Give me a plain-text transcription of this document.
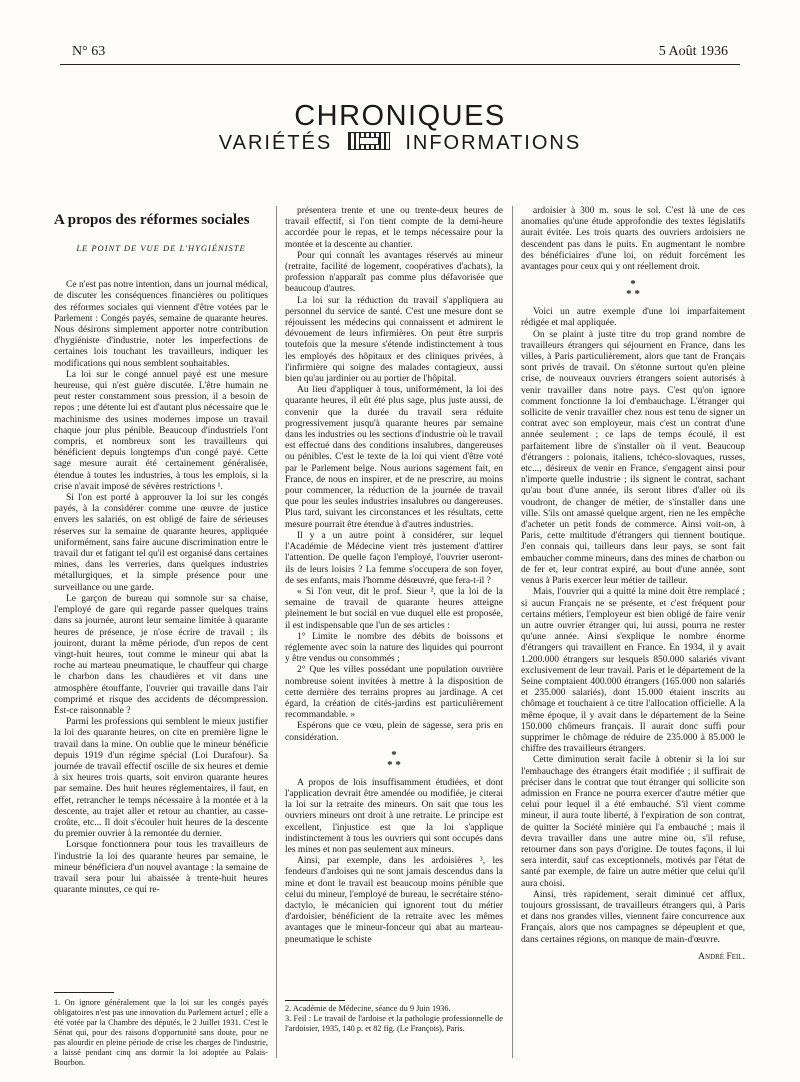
N° 63	5 Août 1936
CHRONIQUES
VARIÉTÉS	INFORMATIONS
A propos des réformes sociales
LE POINT DE VUE DE L'HYGIÉNISTE

Ce n'est pas notre intention, dans un journal médical, de discuter les conséquences financières ou politiques des réformes sociales qui viennent d'être votées par le Parlement : Congés payés, semaine de quarante heures. Nous désirons simplement apporter notre contribution d'hygiéniste d'industrie, noter les imperfections de certaines lois touchant les travailleurs, indiquer les modifications qui nous semblent souhaitables.

La loi sur le congé annuel payé est une mesure heureuse, qui n'est guère discutée. L'être humain ne peut rester constamment sous pression, il a besoin de repos ; une détente lui est d'autant plus nécessaire que le machinisme des usines modernes impose un travail chaque jour plus pénible. Beaucoup d'industriels l'ont compris, et nombreux sont les travailleurs qui bénéficient depuis longtemps d'un congé payé. Cette sage mesure aurait été certainement généralisée, étendue à toutes les industries, à tous les emplois, si la crise n'avait imposé de sévères restrictions ¹.

Si l'on est porté à approuver la loi sur les congés payés, à la considérer comme une œuvre de justice envers les salariés, on est obligé de faire de sérieuses réserves sur la semaine de quarante heures, appliquée uniformément, sans faire aucune discrimination entre le travail dur et fatigant tel qu'il est organisé dans certaines mines, dans les verreries, dans quelques industries métallurgiques, et la simple présence pour une surveillance ou une garde.

Le garçon de bureau qui somnole sur sa chaise, l'employé de gare qui regarde passer quelques trains dans sa journée, auront leur semaine limitée à quarante heures de présence, je n'ose écrire de travail ; ils jouiront, durant la même période, d'un repos de cent vingt-huit heures, tout comme le mineur qui abat la roche au marteau pneumatique, le chauffeur qui charge le charbon dans les chaudières et vit dans une atmosphère étouffante, l'ouvrier qui travaille dans l'air comprimé et risque des accidents de décompression. Est-ce raisonnable ?

Parmi les professions qui semblent le mieux justifier la loi des quarante heures, on cite en première ligne le travail dans la mine. On oublie que le mineur bénéficie depuis 1919 d'un régime spécial (Loi Durafour). Sa journée de travail effectif oscille de six heures et demie à six heures trois quarts, soit environ quarante heures par semaine. Des huit heures réglementaires, il faut, en effet, retrancher le temps nécessaire à la montée et à la descente, au trajet aller et retour au chantier, au casse-croûte, etc... Il doit s'écouler huit heures de la descente du premier ouvrier à la remontée du dernier.

Lorsque fonctionnera pour tous les travailleurs de l'industrie la loi des quarante heures par semaine, le mineur bénéficiera d'un nouvel avantage : la semaine de travail sera pour lui abaissée à trente-huit heures quarante minutes, ce qui re-

1. On ignore généralement que la loi sur les congés payés obligatoires n'est pas une innovation du Parlement actuel ; elle a été votée par la Chambre des députés, le 2 Juillet 1931. C'est le Sénat qui, pour des raisons d'opportunité sans doute, pour ne pas alourdir en pleine période de crise les charges de l'industrie, a laissé pendant cinq ans dormir la loi adoptée au Palais-Bourbon.

présentera trente et une ou trente-deux heures de travail effectif, si l'on tient compte de la demi-heure accordée pour le repas, et le temps nécessaire pour la montée et la descente au chantier.

Pour qui connaît les avantages réservés au mineur (retraite, facilité de logement, coopératives d'achats), la profession n'apparaît pas comme plus défavorisée que beaucoup d'autres.

La loi sur la réduction du travail s'appliquera au personnel du service de santé. C'est une mesure dont se réjouissent les médecins qui connaissent et admirent le dévouement de leurs infirmières. On peut être surpris toutefois que la mesure s'étende indistinctement à tous les employés des hôpitaux et des cliniques privées, à l'infirmière qui soigne des malades contagieux, aussi bien qu'au jardinier ou au portier de l'hôpital.

Au lieu d'appliquer à tous, uniformément, la loi des quarante heures, il eût été plus sage, plus juste aussi, de convenir que la durée du travail sera réduite progressivement jusqu'à quarante heures par semaine dans les industries ou les sections d'industrie où le travail est effectué dans des conditions insalubres, dangereuses ou pénibles. C'est le texte de la loi qui vient d'être voté par le Parlement belge. Nous aurions sagement fait, en France, de nous en inspirer, et de ne prescrire, au moins pour commencer, la réduction de la journée de travail que pour les seules industries insalubres ou dangereuses. Plus tard, suivant les circonstances et les résultats, cette mesure pourrait être étendue à d'autres industries.

Il y a un autre point à considérer, sur lequel l'Académie de Médecine vient très justement d'attirer l'attention. De quelle façon l'employé, l'ouvrier useront-ils de leurs loisirs ? La femme s'occupera de son foyer, de ses enfants, mais l'homme désœuvré, que fera-t-il ?

« Si l'on veut, dit le prof. Sieur ², que la loi de la semaine de travail de quarante heures atteigne pleinement le but social en vue duquel elle est proposée, il est indispensable que l'un de ses articles :

1° Limite le nombre des débits de boissons et réglemente avec soin la nature des liquides qui pourront y être vendus ou consommés ;

2° Que les villes possédant une population ouvrière nombreuse soient invitées à mettre à la disposition de cette dernière des terrains propres au jardinage. A cet égard, la création de cités-jardins est particulièrement recommandable. »

Espérons que ce vœu, plein de sagesse, sera pris en considération.

*
* *

A propos de lois insuffisamment étudiées, et dont l'application devrait être amendée ou modifiée, je citerai la loi sur la retraite des mineurs. On sait que tous les ouvriers mineurs ont droit à une retraite. Le principe est excellent, l'injustice est que la loi s'applique indistinctement à tous les ouvriers qui sont occupés dans les mines et non pas seulement aux mineurs.

Ainsi, par exemple, dans les ardoisières ³, les fendeurs d'ardoises qui ne sont jamais descendus dans la mine et dont le travail est beaucoup moins pénible que celui du mineur, l'employé de bureau, le secrétaire sténo-dactylo, le mécanicien qui ignorent tout du métier d'ardoisier, bénéficient de la retraite avec les mêmes avantages que le mineur-fonceur qui abat au marteau-pneumatique le schiste

2. Académie de Médecine, séance du 9 Juin 1936.

3. Feil : Le travail de l'ardoise et la pathologie professionnelle de l'ardoisier, 1935, 140 p. et 82 fig. (Le François), Paris.

ardoisier à 300 m. sous le sol. C'est là une de ces anomalies qu'une étude approfondie des textes législatifs aurait évitée. Les trois quarts des ouvriers ardoisiers ne descendent pas dans le puits. En augmentant le nombre des bénéficiaires d'une loi, on réduit forcément les avantages pour ceux qui y ont réellement droit.

*
* *

Voici un autre exemple d'une loi imparfaitement rédigée et mal appliquée.

On se plaint à juste titre du trop grand nombre de travailleurs étrangers qui séjournent en France, dans les villes, à Paris particulièrement, alors que tant de Français sont privés de travail. On s'étonne surtout qu'en pleine crise, de nouveaux ouvriers étrangers soient autorisés à venir travailler dans notre pays. C'est qu'on ignore comment fonctionne la loi d'embauchage. L'étranger qui sollicite de venir travailler chez nous est tenu de signer un contrat avec son employeur, mais c'est un contrat d'une année seulement ; ce laps de temps écoulé, il est parfaitement libre de s'installer où il veut. Beaucoup d'étrangers : polonais, italiens, tchéco-slovaques, russes, etc..., désireux de venir en France, s'engagent ainsi pour n'importe quelle industrie ; ils signent le contrat, sachant qu'au bout d'une année, ils seront libres d'aller où ils voudront, de changer de métier, de s'installer dans une ville. S'ils ont amassé quelque argent, rien ne les empêche d'acheter un petit fonds de commerce. Ainsi voit-on, à Paris, cette multitude d'étrangers qui tiennent boutique. J'en connais qui, tailleurs dans leur pays, se sont fait embaucher comme mineurs, dans des mines de charbon ou de fer et, leur contrat expiré, au bout d'une année, sont venus à Paris exercer leur métier de tailleur.

Mais, l'ouvrier qui a quitté la mine doit être remplacé ; si aucun Français ne se présente, et c'est fréquent pour certains métiers, l'employeur est bien obligé de faire venir un autre ouvrier étranger qui, lui aussi, pourra ne rester qu'une année. Ainsi s'explique le nombre énorme d'étrangers qui travaillent en France. En 1934, il y avait 1.200.000 étrangers sur lesquels 850.000 salariés vivant exclusivement de leur travail. Paris et le département de la Seine comptaient 400.000 étrangers (165.000 non salariés et 235.000 salariés), dont 15.000 étaient inscrits au chômage et touchaient à ce titre l'allocation officielle. A la même époque, il y avait dans le département de la Seine 150.000 chômeurs français. Il aurait donc suffi pour supprimer le chômage de réduire de 235.000 à 85.000 le chiffre des travailleurs étrangers.

Cette diminution serait facile à obtenir si la loi sur l'embauchage des étrangers était modifiée ; il suffirait de préciser dans le contrat que tout étranger qui sollicite son admission en France ne pourra exercer d'autre métier que celui pour lequel il a été embauché. S'il vient comme mineur, il aura toute liberté, à l'expiration de son contrat, de quitter la Société minière qui l'a embauché ; mais il devra travailler dans une autre mine ou, s'il refuse, retourner dans son pays d'origine. De toutes façons, il lui sera interdit, sauf cas exceptionnels, motivés par l'état de santé par exemple, de faire un autre métier que celui qu'il aura choisi.

Ainsi, très rapidement, serait diminué cet afflux, toujours grossissant, de travailleurs étrangers qui, à Paris et dans nos grandes villes, viennent faire concurrence aux Français, alors que nos campagnes se dépeuplent et que, dans certaines régions, on manque de main-d'œuvre.

André Feil.
